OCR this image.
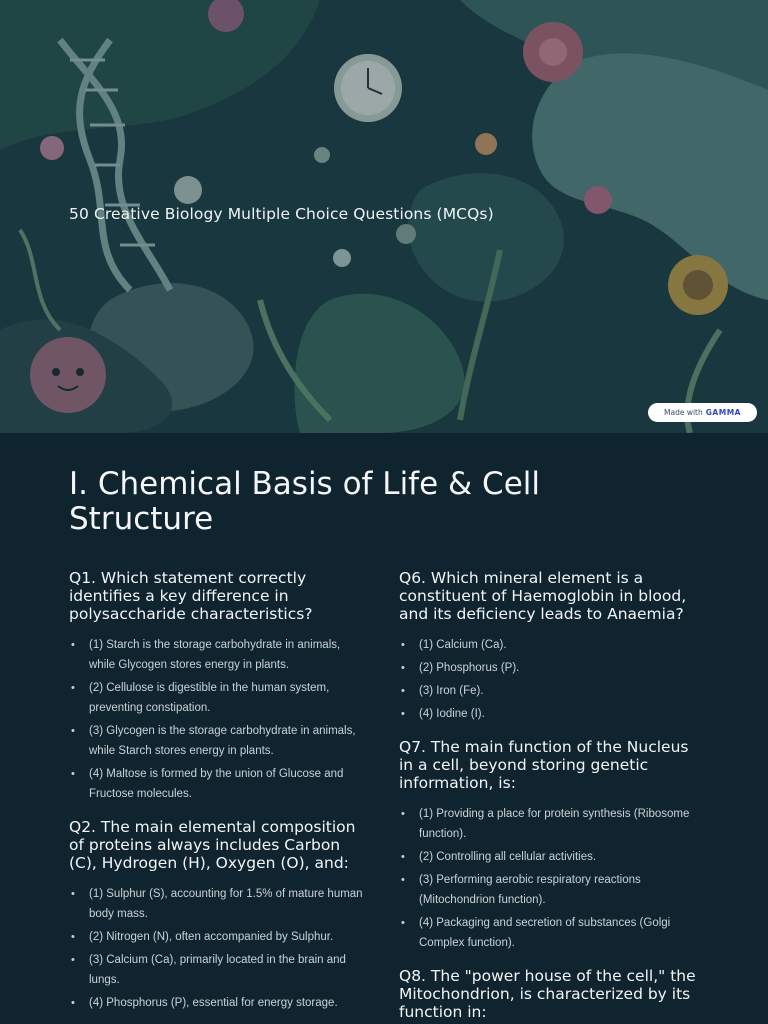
50 Creative Biology Multiple Choice Questions (MCQs)
Made with GAMMA
I. Chemical Basis of Life & Cell Structure
Q1. Which statement correctly identifies a key difference in polysaccharide characteristics?
• (1) Starch is the storage carbohydrate in animals, while Glycogen stores energy in plants.
• (2) Cellulose is digestible in the human system, preventing constipation.
• (3) Glycogen is the storage carbohydrate in animals, while Starch stores energy in plants.
• (4) Maltose is formed by the union of Glucose and Fructose molecules.
Q2. The main elemental composition of proteins always includes Carbon (C), Hydrogen (H), Oxygen (O), and:
• (1) Sulphur (S), accounting for 1.5% of mature human body mass.
• (2) Nitrogen (N), often accompanied by Sulphur.
• (3) Calcium (Ca), primarily located in the brain and lungs.
• (4) Phosphorus (P), essential for energy storage.
Q6. Which mineral element is a constituent of Haemoglobin in blood, and its deficiency leads to Anaemia?
• (1) Calcium (Ca).
• (2) Phosphorus (P).
• (3) Iron (Fe).
• (4) Iodine (I).
Q7. The main function of the Nucleus in a cell, beyond storing genetic information, is:
• (1) Providing a place for protein synthesis (Ribosome function).
• (2) Controlling all cellular activities.
• (3) Performing aerobic respiratory reactions (Mitochondrion function).
• (4) Packaging and secretion of substances (Golgi Complex function).
Q8. The "power house of the cell," the Mitochondrion, is characterized by its function in:
